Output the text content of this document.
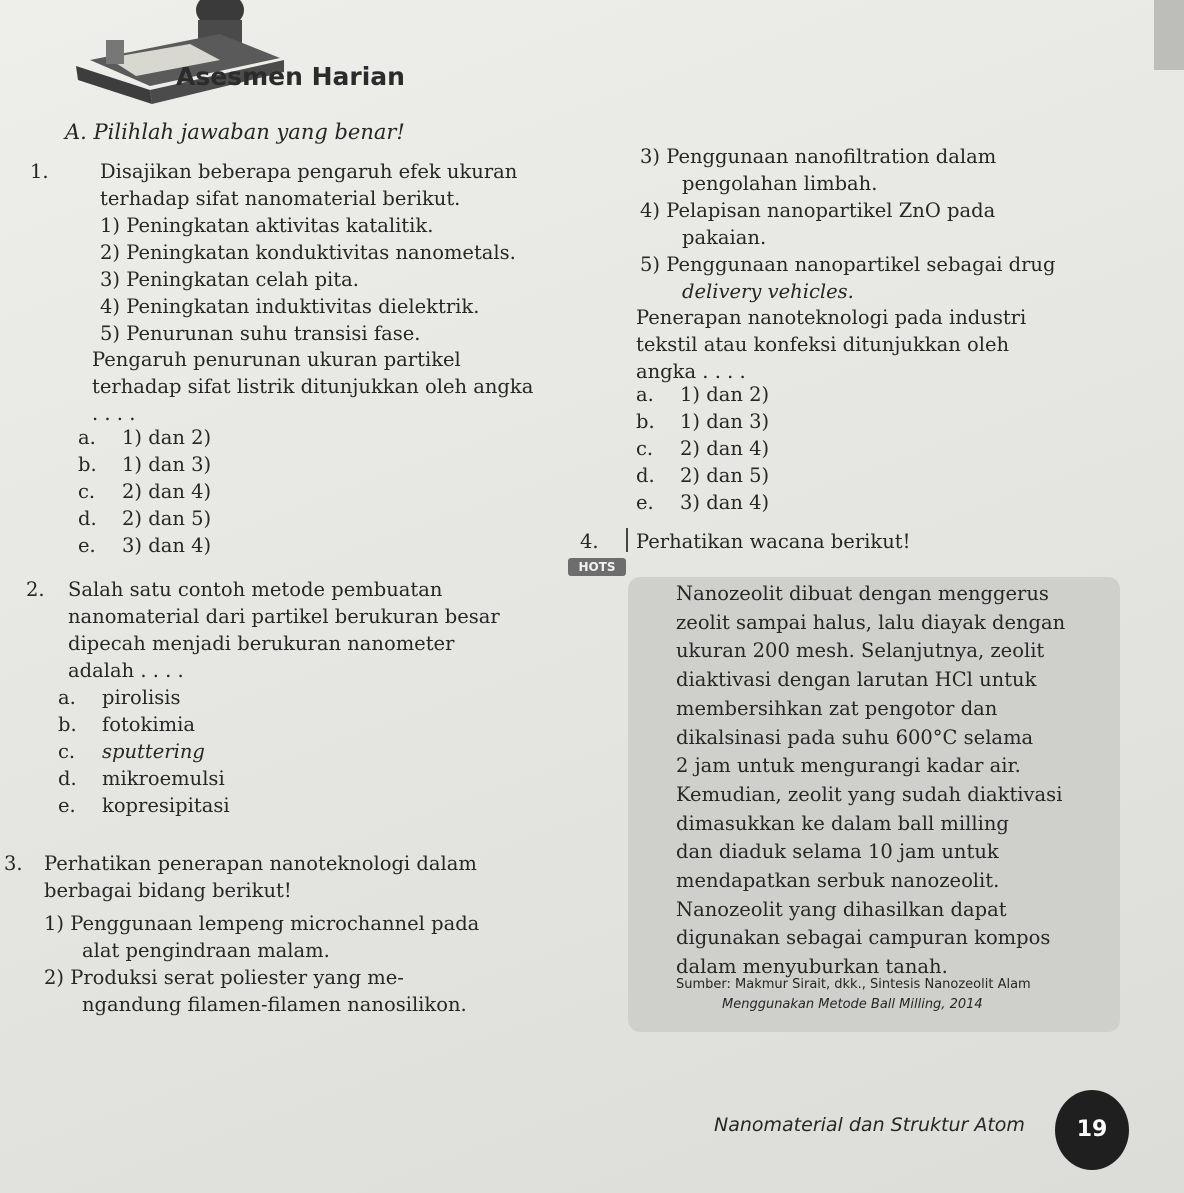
Asesmen Harian
A. Pilihlah jawaban yang benar!
1.	Disajikan beberapa pengaruh efek ukuran
terhadap sifat nanomaterial berikut.
1) Peningkatan aktivitas katalitik.
2) Peningkatan konduktivitas nanometals.
3) Peningkatan celah pita.
4) Peningkatan induktivitas dielektrik.
5) Penurunan suhu transisi fase.
Pengaruh penurunan ukuran partikel
terhadap sifat listrik ditunjukkan oleh angka
. . . .
a. 1) dan 2)
b. 1) dan 3)
c. 2) dan 4)
d. 2) dan 5)
e. 3) dan 4)
2. Salah satu contoh metode pembuatan
nanomaterial dari partikel berukuran besar
dipecah menjadi berukuran nanometer
adalah . . . .
a. pirolisis
b. fotokimia
c. sputtering
d. mikroemulsi
e. kopresipitasi
3. Perhatikan penerapan nanoteknologi dalam
berbagai bidang berikut!
1) Penggunaan lempeng microchannel pada
alat pengindraan malam.
2) Produksi serat poliester yang me-
ngandung filamen-filamen nanosilikon.
3) Penggunaan nanofiltration dalam
pengolahan limbah.
4) Pelapisan nanopartikel ZnO pada
pakaian.
5) Penggunaan nanopartikel sebagai drug
delivery vehicles.
Penerapan nanoteknologi pada industri
tekstil atau konfeksi ditunjukkan oleh
angka . . . .
a. 1) dan 2)
b. 1) dan 3)
c. 2) dan 4)
d. 2) dan 5)
e. 3) dan 4)
4.	Perhatikan wacana berikut!
HOTS
Nanozeolit dibuat dengan menggerus
zeolit sampai halus, lalu diayak dengan
ukuran 200 mesh. Selanjutnya, zeolit
diaktivasi dengan larutan HCl untuk
membersihkan zat pengotor dan
dikalsinasi pada suhu 600°C selama
2 jam untuk mengurangi kadar air.
Kemudian, zeolit yang sudah diaktivasi
dimasukkan ke dalam ball milling
dan diaduk selama 10 jam untuk
mendapatkan serbuk nanozeolit.
Nanozeolit yang dihasilkan dapat
digunakan sebagai campuran kompos
dalam menyuburkan tanah.
Sumber: Makmur Sirait, dkk., Sintesis Nanozeolit Alam
Menggunakan Metode Ball Milling, 2014
Nanomaterial dan Struktur Atom	19
